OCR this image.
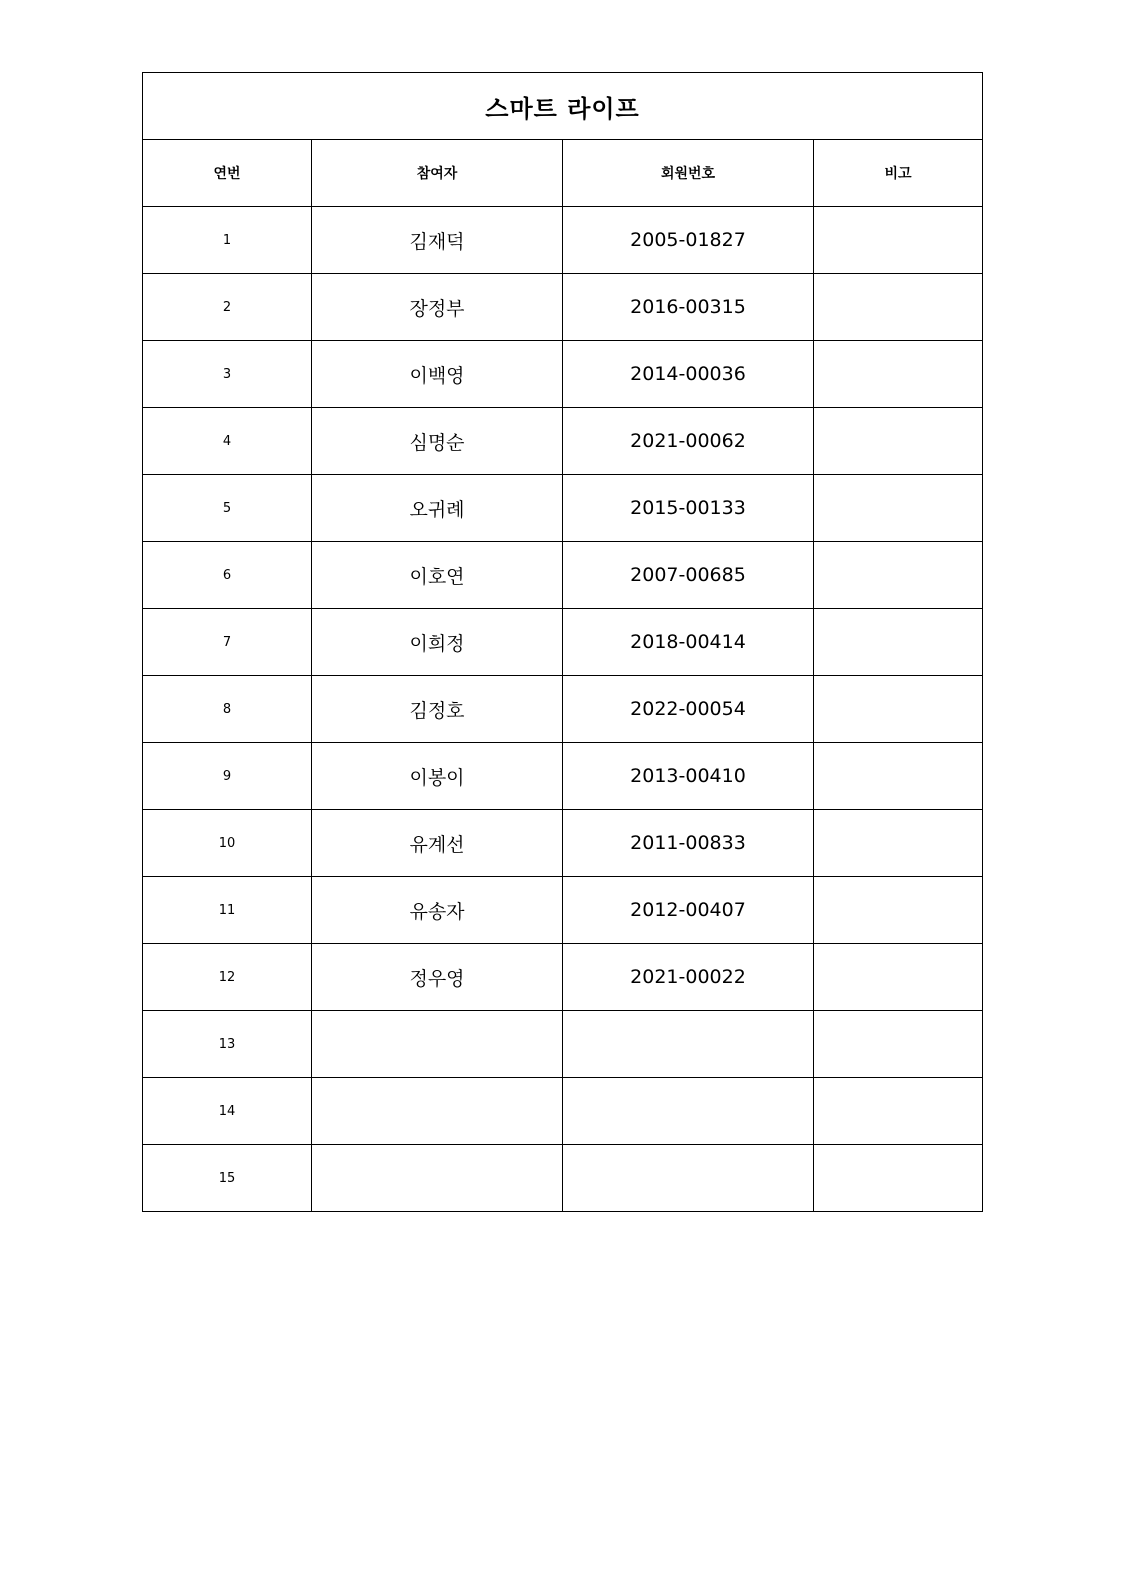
스마트 라이프			
연번	참여자	회원번호	비고
1	김재덕	2005-01827	
2	장정부	2016-00315	
3	이백영	2014-00036	
4	심명순	2021-00062	
5	오귀례	2015-00133	
6	이호연	2007-00685	
7	이희정	2018-00414	
8	김정호	2022-00054	
9	이봉이	2013-00410	
10	유계선	2011-00833	
11	유송자	2012-00407	
12	정우영	2021-00022	
13			
14			
15			
